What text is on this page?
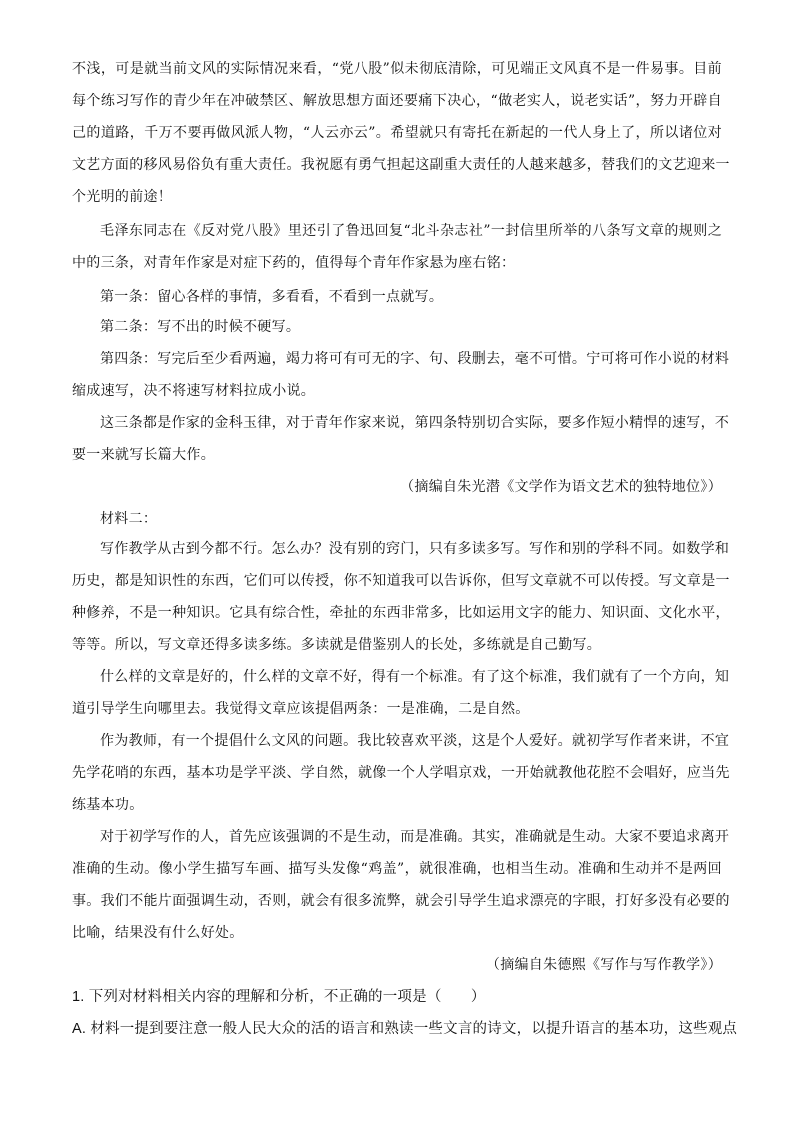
不浅，可是就当前文风的实际情况来看，“党八股”似未彻底清除，可见端正文风真不是一件易事。目前
每个练习写作的青少年在冲破禁区、解放思想方面还要痛下决心，“做老实人，说老实话”，努力开辟自
己的道路，千万不要再做风派人物，“人云亦云”。希望就只有寄托在新起的一代人身上了，所以诸位对
文艺方面的移风易俗负有重大责任。我祝愿有勇气担起这副重大责任的人越来越多，替我们的文艺迎来一
个光明的前途！
毛泽东同志在《反对党八股》里还引了鲁迅回复“北斗杂志社”一封信里所举的八条写文章的规则之
中的三条，对青年作家是对症下药的，值得每个青年作家悬为座右铭：
第一条：留心各样的事情，多看看，不看到一点就写。
第二条：写不出的时候不硬写。
第四条：写完后至少看两遍，竭力将可有可无的字、句、段删去，毫不可惜。宁可将可作小说的材料
缩成速写，决不将速写材料拉成小说。
这三条都是作家的金科玉律，对于青年作家来说，第四条特别切合实际，要多作短小精悍的速写，不
要一来就写长篇大作。
（摘编自朱光潜《文学作为语文艺术的独特地位》）
材料二：
写作教学从古到今都不行。怎么办？没有别的窍门，只有多读多写。写作和别的学科不同。如数学和
历史，都是知识性的东西，它们可以传授，你不知道我可以告诉你，但写文章就不可以传授。写文章是一
种修养，不是一种知识。它具有综合性，牵扯的东西非常多，比如运用文字的能力、知识面、文化水平，
等等。所以，写文章还得多读多练。多读就是借鉴别人的长处，多练就是自己勤写。
什么样的文章是好的，什么样的文章不好，得有一个标准。有了这个标准，我们就有了一个方向，知
道引导学生向哪里去。我觉得文章应该提倡两条：一是准确，二是自然。
作为教师，有一个提倡什么文风的问题。我比较喜欢平淡，这是个人爱好。就初学写作者来讲，不宜
先学花哨的东西，基本功是学平淡、学自然，就像一个人学唱京戏，一开始就教他花腔不会唱好，应当先
练基本功。
对于初学写作的人，首先应该强调的不是生动，而是准确。其实，准确就是生动。大家不要追求离开
准确的生动。像小学生描写车画、描写头发像“鸡盖”，就很准确，也相当生动。准确和生动并不是两回
事。我们不能片面强调生动，否则，就会有很多流弊，就会引导学生追求漂亮的字眼，打好多没有必要的
比喻，结果没有什么好处。
（摘编自朱德熙《写作与写作教学》）
1. 下列对材料相关内容的理解和分析，不正确的一项是（　　）
A. 材料一提到要注意一般人民大众的活的语言和熟读一些文言的诗文，以提升语言的基本功，这些观点
